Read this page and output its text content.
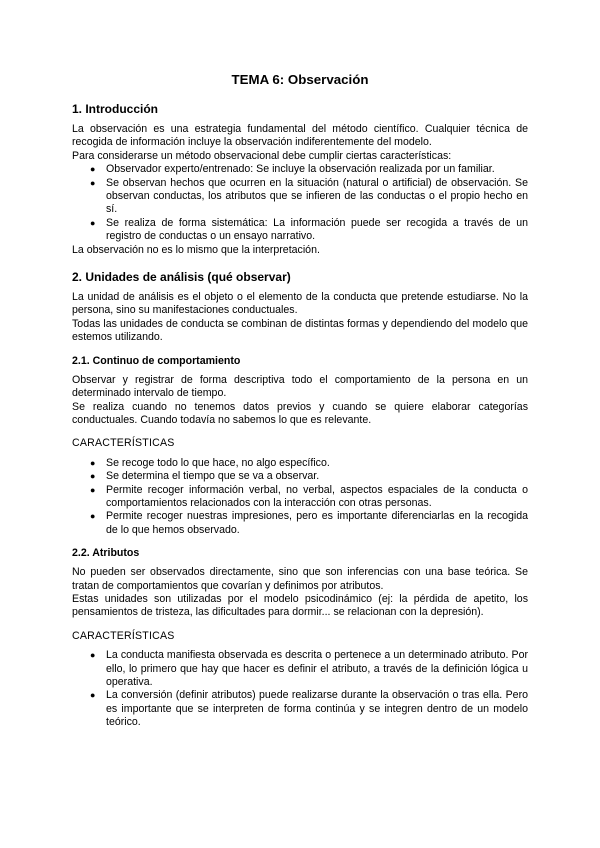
TEMA 6: Observación
1. Introducción

La observación es una estrategia fundamental del método científico. Cualquier técnica de recogida de información incluye la observación indiferentemente del modelo.

Para considerarse un método observacional debe cumplir ciertas características:

● Observador experto/entrenado: Se incluye la observación realizada por un familiar.
● Se observan hechos que ocurren en la situación (natural o artificial) de observación. Se observan conductas, los atributos que se infieren de las conductas o el propio hecho en sí.
● Se realiza de forma sistemática: La información puede ser recogida a través de un registro de conductas o un ensayo narrativo.

La observación no es lo mismo que la interpretación.

2. Unidades de análisis (qué observar)

La unidad de análisis es el objeto o el elemento de la conducta que pretende estudiarse. No la persona, sino su manifestaciones conductuales.

Todas las unidades de conducta se combinan de distintas formas y dependiendo del modelo que estemos utilizando.

2.1. Continuo de comportamiento

Observar y registrar de forma descriptiva todo el comportamiento de la persona en un determinado intervalo de tiempo.

Se realiza cuando no tenemos datos previos y cuando se quiere elaborar categorías conductuales. Cuando todavía no sabemos lo que es relevante.

CARACTERÍSTICAS
● Se recoge todo lo que hace, no algo específico.
● Se determina el tiempo que se va a observar.
● Permite recoger información verbal, no verbal, aspectos espaciales de la conducta o comportamientos relacionados con la interacción con otras personas.
● Permite recoger nuestras impresiones, pero es importante diferenciarlas en la recogida de lo que hemos observado.
2.2. Atributos

No pueden ser observados directamente, sino que son inferencias con una base teórica. Se tratan de comportamientos que covarían y definimos por atributos.

Estas unidades son utilizadas por el modelo psicodinámico (ej: la pérdida de apetito, los pensamientos de tristeza, las dificultades para dormir... se relacionan con la depresión).

CARACTERÍSTICAS
● La conducta manifiesta observada es descrita o pertenece a un determinado atributo. Por ello, lo primero que hay que hacer es definir el atributo, a través de la definición lógica u operativa.
● La conversión (definir atributos) puede realizarse durante la observación o tras ella. Pero es importante que se interpreten de forma continúa y se integren dentro de un modelo teórico.
